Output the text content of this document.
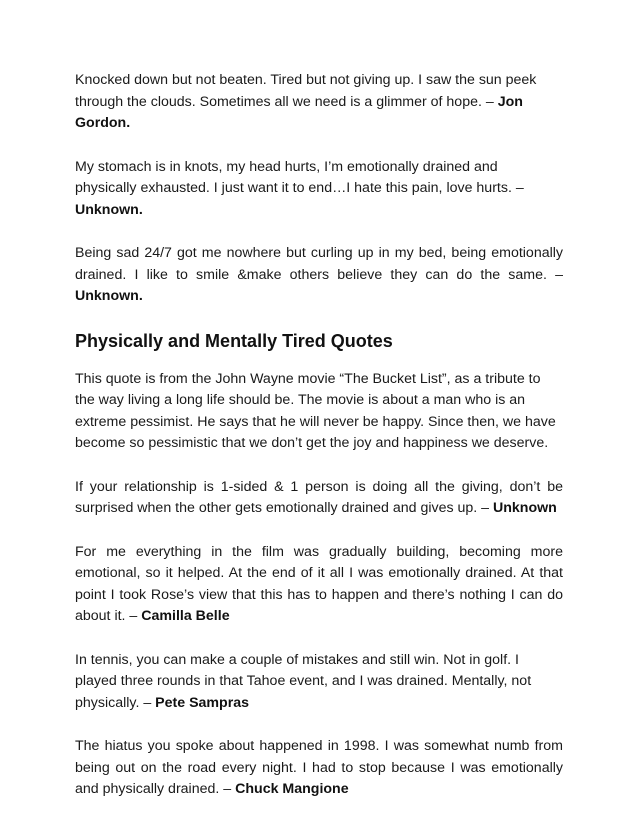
Knocked down but not beaten. Tired but not giving up. I saw the sun peek through the clouds. Sometimes all we need is a glimmer of hope. – Jon Gordon.

My stomach is in knots, my head hurts, I’m emotionally drained and physically exhausted. I just want it to end…I hate this pain, love hurts. – Unknown.

Being sad 24/7 got me nowhere but curling up in my bed, being emotionally drained. I like to smile &make others believe they can do the same. – Unknown.

Physically and Mentally Tired Quotes

This quote is from the John Wayne movie “The Bucket List”, as a tribute to the way living a long life should be. The movie is about a man who is an extreme pessimist. He says that he will never be happy. Since then, we have become so pessimistic that we don’t get the joy and happiness we deserve.

If your relationship is 1-sided & 1 person is doing all the giving, don’t be surprised when the other gets emotionally drained and gives up. – Unknown

For me everything in the film was gradually building, becoming more emotional, so it helped. At the end of it all I was emotionally drained. At that point I took Rose’s view that this has to happen and there’s nothing I can do about it. – Camilla Belle

In tennis, you can make a couple of mistakes and still win. Not in golf. I played three rounds in that Tahoe event, and I was drained. Mentally, not physically. – Pete Sampras

The hiatus you spoke about happened in 1998. I was somewhat numb from being out on the road every night. I had to stop because I was emotionally and physically drained. – Chuck Mangione
